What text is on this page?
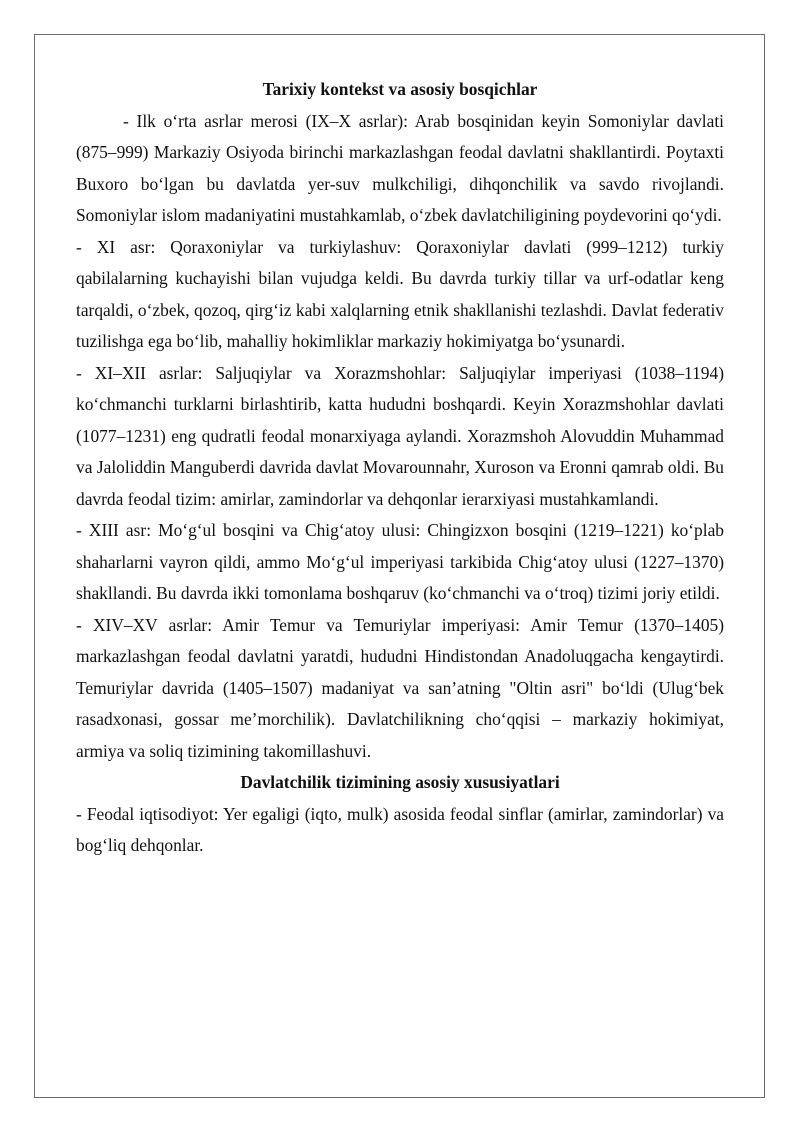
Tarixiy kontekst va asosiy bosqichlar

- Ilk oʻrta asrlar merosi (IX–X asrlar): Arab bosqinidan keyin Somoniylar davlati (875–999) Markaziy Osiyoda birinchi markazlashgan feodal davlatni shakllantirdi. Poytaxti Buxoro boʻlgan bu davlatda yer-suv mulkchiligi, dihqonchilik va savdo rivojlandi. Somoniylar islom madaniyatini mustahkamlab, oʻzbek davlatchiligining poydevorini qoʻydi.

- XI asr: Qoraxoniylar va turkiylashuv: Qoraxoniylar davlati (999–1212) turkiy qabilalarning kuchayishi bilan vujudga keldi. Bu davrda turkiy tillar va urf-odatlar keng tarqaldi, oʻzbek, qozoq, qirgʻiz kabi xalqlarning etnik shakllanishi tezlashdi. Davlat federativ tuzilishga ega boʻlib, mahalliy hokimliklar markaziy hokimiyatga boʻysunardi.

- XI–XII asrlar: Saljuqiylar va Xorazmshohlar: Saljuqiylar imperiyasi (1038–1194) koʻchmanchi turklarni birlashtirib, katta hududni boshqardi. Keyin Xorazmshohlar davlati (1077–1231) eng qudratli feodal monarxiyaga aylandi. Xorazmshoh Alovuddin Muhammad va Jaloliddin Manguberdi davrida davlat Movarounnahr, Xuroson va Eronni qamrab oldi. Bu davrda feodal tizim: amirlar, zamindorlar va dehqonlar ierarxiyasi mustahkamlandi.

- XIII asr: Moʻgʻul bosqini va Chigʻatoy ulusi: Chingizxon bosqini (1219–1221) koʻplab shaharlarni vayron qildi, ammo Moʻgʻul imperiyasi tarkibida Chigʻatoy ulusi (1227–1370) shakllandi. Bu davrda ikki tomonlama boshqaruv (koʻchmanchi va oʻtroq) tizimi joriy etildi.

- XIV–XV asrlar: Amir Temur va Temuriylar imperiyasi: Amir Temur (1370–1405) markazlashgan feodal davlatni yaratdi, hududni Hindistondan Anadoluqgacha kengaytirdi. Temuriylar davrida (1405–1507) madaniyat va san’atning "Oltin asri" boʻldi (Ulugʻbek rasadxonasi, gossar me’morchilik). Davlatchilikning choʻqqisi – markaziy hokimiyat, armiya va soliq tizimining takomillashuvi.

Davlatchilik tizimining asosiy xususiyatlari

- Feodal iqtisodiyot: Yer egaligi (iqto, mulk) asosida feodal sinflar (amirlar, zamindorlar) va bogʻliq dehqonlar.
